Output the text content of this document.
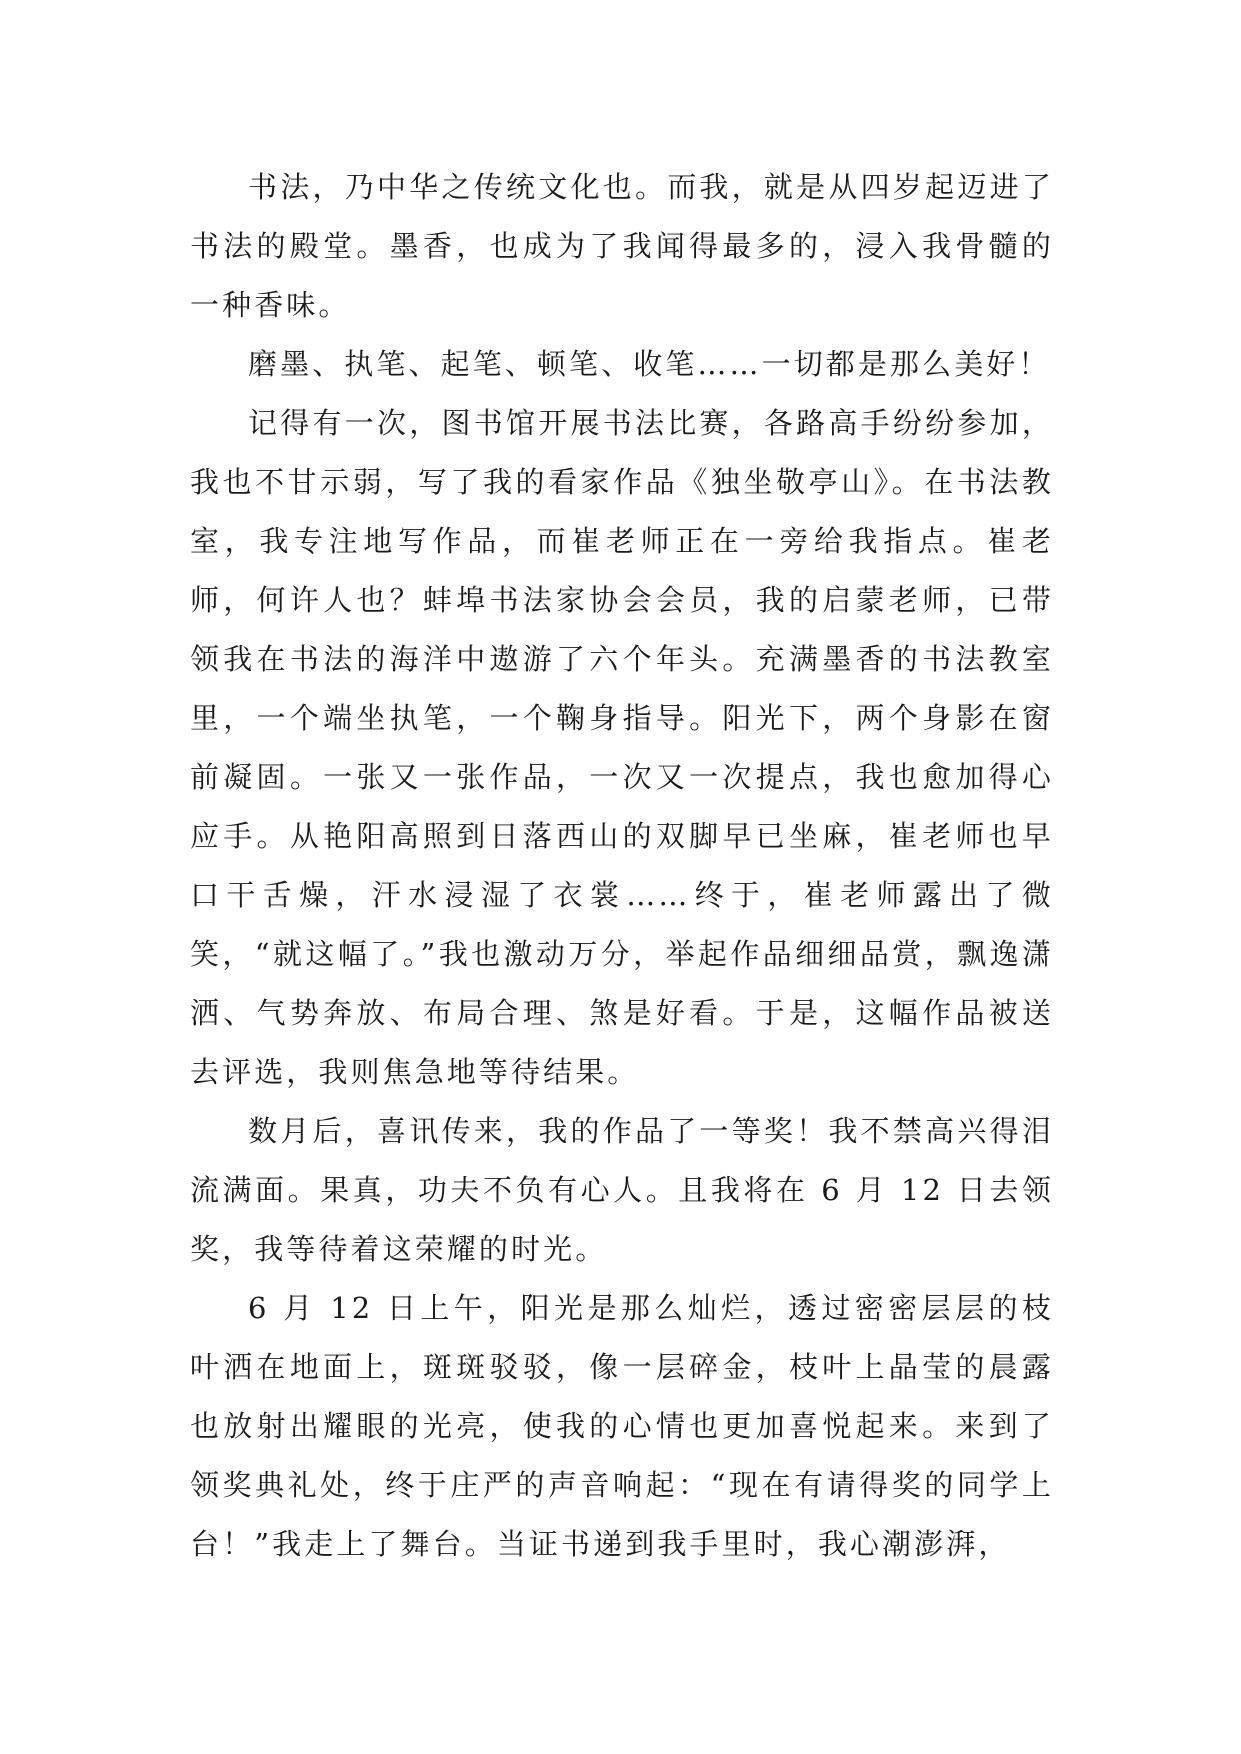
书法，乃中华之传统文化也。而我，就是从四岁起迈进了书法的殿堂。墨香，也成为了我闻得最多的，浸入我骨髓的一种香味。

磨墨、执笔、起笔、顿笔、收笔……一切都是那么美好！

记得有一次，图书馆开展书法比赛，各路高手纷纷参加，我也不甘示弱，写了我的看家作品《独坐敬亭山》。在书法教室，我专注地写作品，而崔老师正在一旁给我指点。崔老师，何许人也？蚌埠书法家协会会员，我的启蒙老师，已带领我在书法的海洋中遨游了六个年头。充满墨香的书法教室里，一个端坐执笔，一个鞠身指导。阳光下，两个身影在窗前凝固。一张又一张作品，一次又一次提点，我也愈加得心应手。从艳阳高照到日落西山的双脚早已坐麻，崔老师也早口干舌燥，汗水浸湿了衣裳……终于，崔老师露出了微笑，“就这幅了。”我也激动万分，举起作品细细品赏，飘逸潇洒、气势奔放、布局合理、煞是好看。于是，这幅作品被送去评选，我则焦急地等待结果。

数月后，喜讯传来，我的作品了一等奖！我不禁高兴得泪流满面。果真，功夫不负有心人。且我将在 6 月 12 日去领奖，我等待着这荣耀的时光。

6 月 12 日上午，阳光是那么灿烂，透过密密层层的枝叶洒在地面上，斑斑驳驳，像一层碎金，枝叶上晶莹的晨露也放射出耀眼的光亮，使我的心情也更加喜悦起来。来到了领奖典礼处，终于庄严的声音响起：“现在有请得奖的同学上台！”我走上了舞台。当证书递到我手里时，我心潮澎湃，
